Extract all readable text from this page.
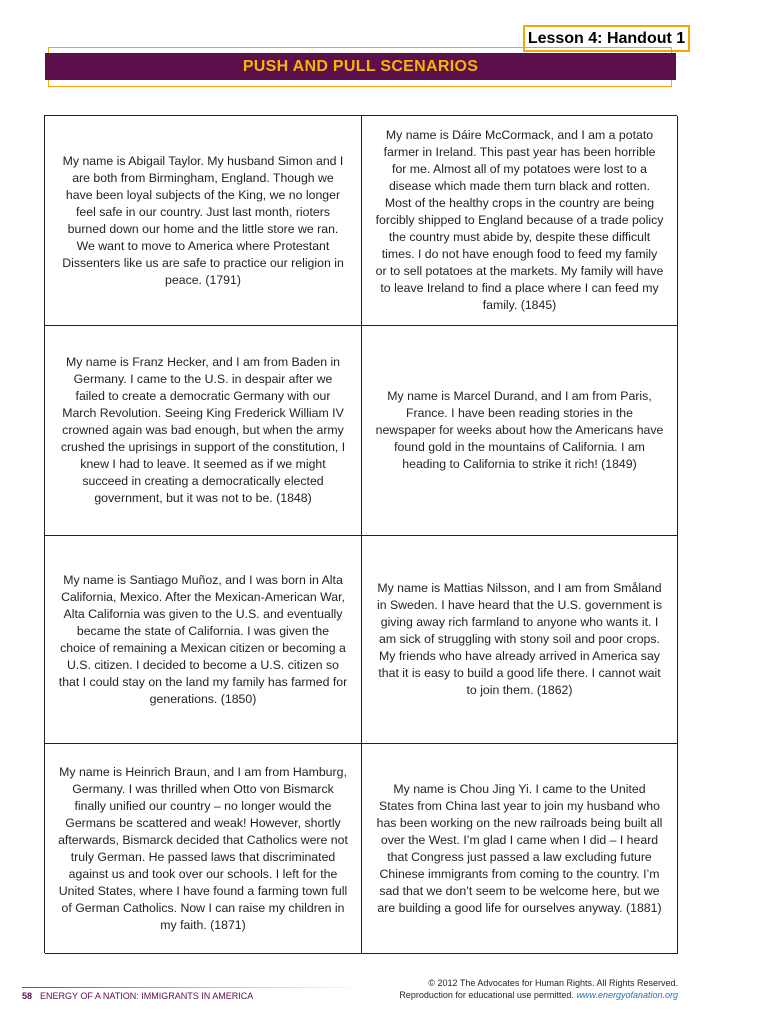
Lesson 4: Handout 1
PUSH AND PULL SCENARIOS
My name is Abigail Taylor. My husband Simon and I are both from Birmingham, England. Though we have been loyal subjects of the King, we no longer feel safe in our country. Just last month, rioters burned down our home and the little store we ran. We want to move to America where Protestant Dissenters like us are safe to practice our religion in peace. (1791)
My name is Dáire McCormack, and I am a potato farmer in Ireland. This past year has been horrible for me. Almost all of my potatoes were lost to a disease which made them turn black and rotten. Most of the healthy crops in the country are being forcibly shipped to England because of a trade policy the country must abide by, despite these difficult times. I do not have enough food to feed my family or to sell potatoes at the markets. My family will have to leave Ireland to find a place where I can feed my family. (1845)
My name is Franz Hecker, and I am from Baden in Germany. I came to the U.S. in despair after we failed to create a democratic Germany with our March Revolution. Seeing King Frederick William IV crowned again was bad enough, but when the army crushed the uprisings in support of the constitution, I knew I had to leave. It seemed as if we might succeed in creating a democratically elected government, but it was not to be. (1848)
My name is Marcel Durand, and I am from Paris, France. I have been reading stories in the newspaper for weeks about how the Americans have found gold in the mountains of California. I am heading to California to strike it rich! (1849)
My name is Santiago Muñoz, and I was born in Alta California, Mexico. After the Mexican-American War, Alta California was given to the U.S. and eventually became the state of California. I was given the choice of remaining a Mexican citizen or becoming a U.S. citizen. I decided to become a U.S. citizen so that I could stay on the land my family has farmed for generations. (1850)
My name is Mattias Nilsson, and I am from Småland in Sweden. I have heard that the U.S. government is giving away rich farmland to anyone who wants it. I am sick of struggling with stony soil and poor crops. My friends who have already arrived in America say that it is easy to build a good life there. I cannot wait to join them. (1862)
My name is Heinrich Braun, and I am from Hamburg, Germany. I was thrilled when Otto von Bismarck finally unified our country – no longer would the Germans be scattered and weak! However, shortly afterwards, Bismarck decided that Catholics were not truly German. He passed laws that discriminated against us and took over our schools. I left for the United States, where I have found a farming town full of German Catholics. Now I can raise my children in my faith. (1871)
My name is Chou Jing Yi. I came to the United States from China last year to join my husband who has been working on the new railroads being built all over the West. I’m glad I came when I did – I heard that Congress just passed a law excluding future Chinese immigrants from coming to the country. I’m sad that we don’t seem to be welcome here, but we are building a good life for ourselves anyway. (1881)
58 ENERGY OF A NATION: IMMIGRANTS IN AMERICA
© 2012 The Advocates for Human Rights. All Rights Reserved.
Reproduction for educational use permitted. www.energyofanation.org
